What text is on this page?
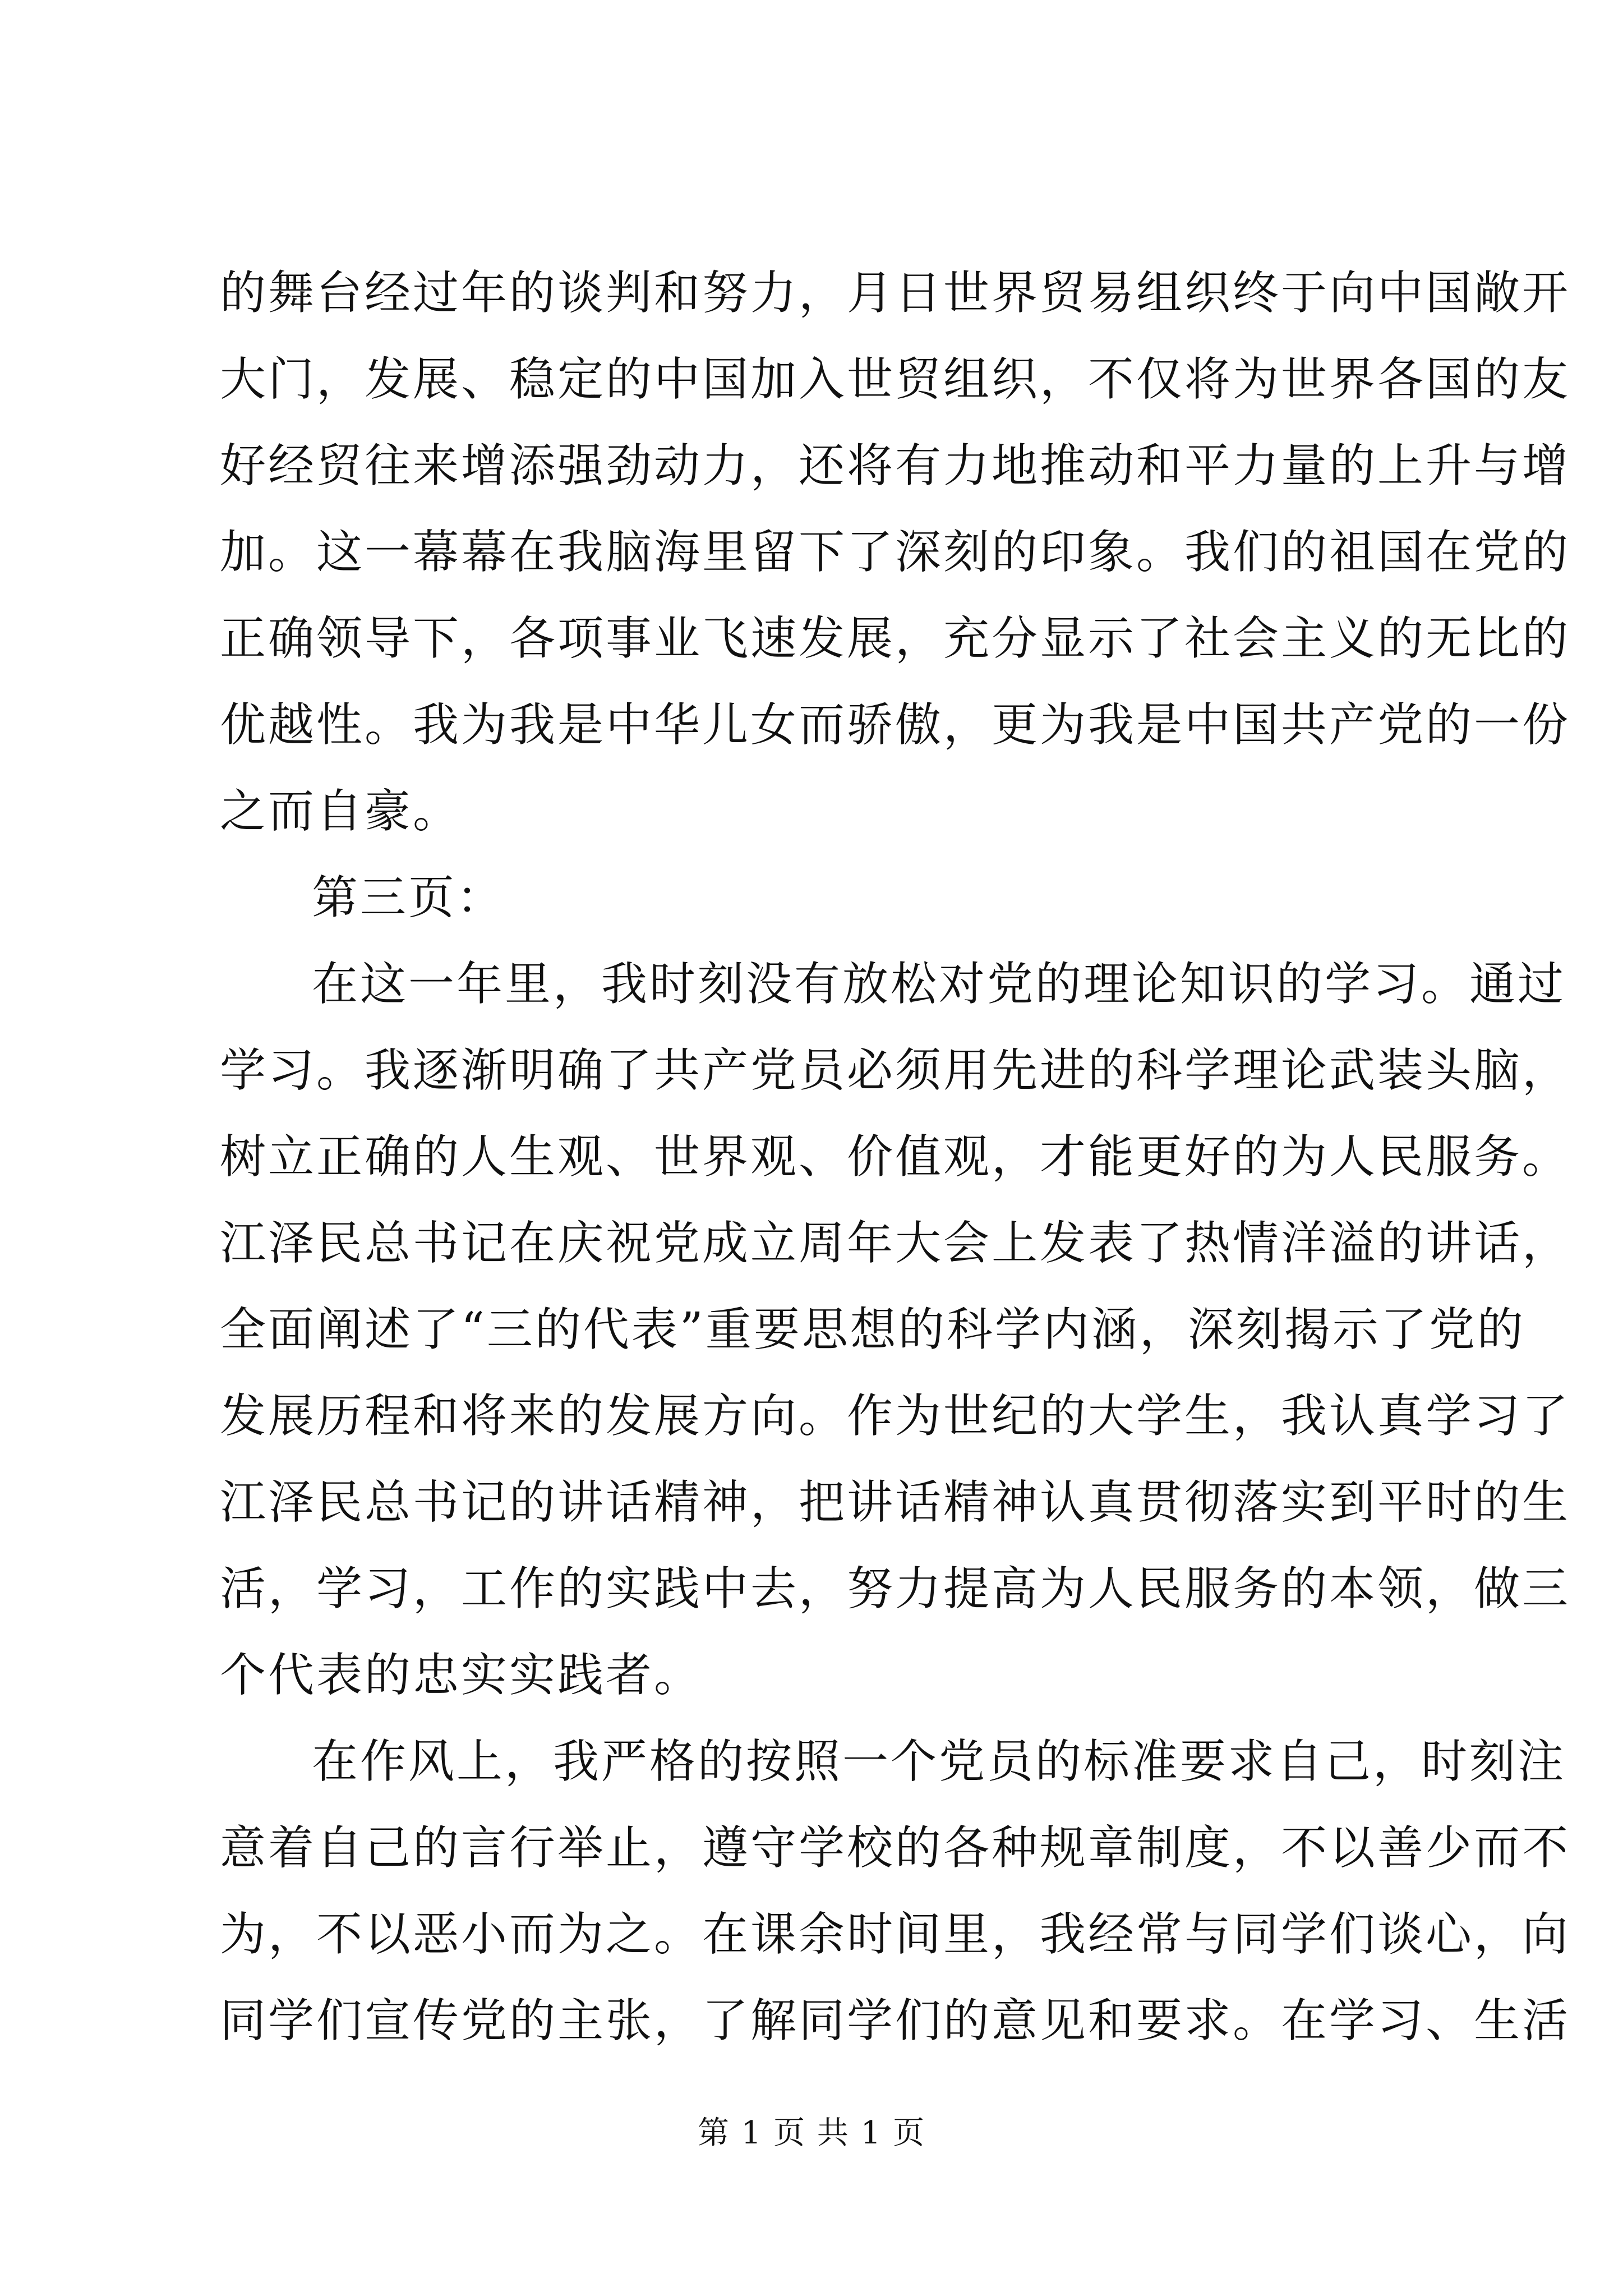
的舞台经过年的谈判和努力，月日世界贸易组织终于向中国敞开
大门，发展、稳定的中国加入世贸组织，不仅将为世界各国的友
好经贸往来增添强劲动力，还将有力地推动和平力量的上升与增
加。这一幕幕在我脑海里留下了深刻的印象。我们的祖国在党的
正确领导下，各项事业飞速发展，充分显示了社会主义的无比的
优越性。我为我是中华儿女而骄傲，更为我是中国共产党的一份
之而自豪。
第三页：
在这一年里，我时刻没有放松对党的理论知识的学习。通过
学习。我逐渐明确了共产党员必须用先进的科学理论武装头脑，
树立正确的人生观、世界观、价值观，才能更好的为人民服务。
江泽民总书记在庆祝党成立周年大会上发表了热情洋溢的讲话，
全面阐述了“三的代表”重要思想的科学内涵，深刻揭示了党的
发展历程和将来的发展方向。作为世纪的大学生，我认真学习了
江泽民总书记的讲话精神，把讲话精神认真贯彻落实到平时的生
活，学习，工作的实践中去，努力提高为人民服务的本领，做三
个代表的忠实实践者。
在作风上，我严格的按照一个党员的标准要求自己，时刻注
意着自己的言行举止，遵守学校的各种规章制度，不以善少而不
为，不以恶小而为之。在课余时间里，我经常与同学们谈心，向
同学们宣传党的主张，了解同学们的意见和要求。在学习、生活
第 1 页 共 1 页
